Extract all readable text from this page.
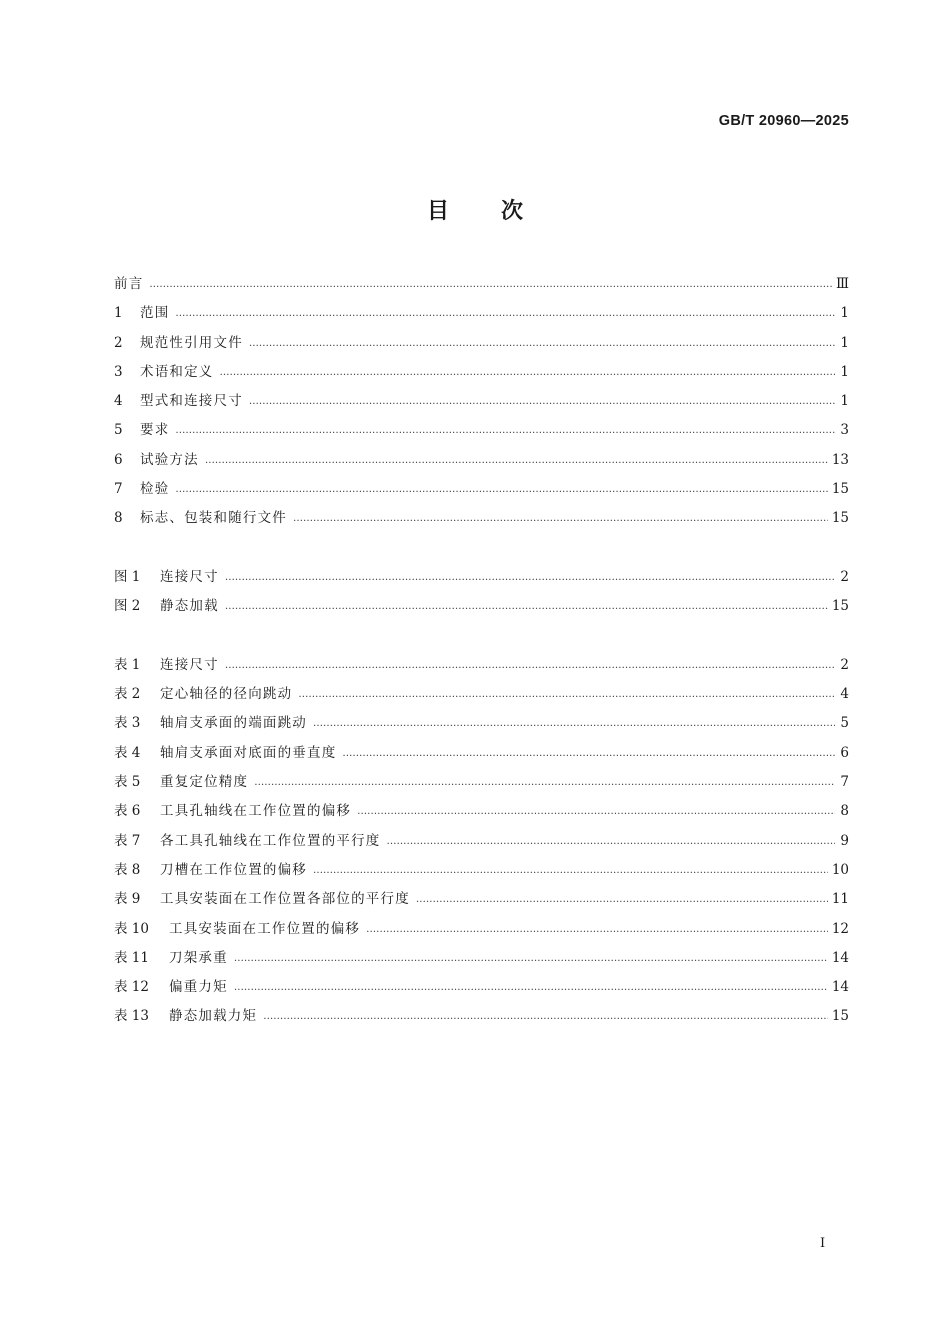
GB/T 20960—2025
目 次
前言 ……………………………………………………………………………………………………………………………………………………………………………………………………………………………………………………………………………………………………………………………………	Ⅲ
1	范围 ……………………………………………………………………………………………………………………………………………………………………………………………………………………………………………………………………………………………………………………………………	1
2	规范性引用文件 ……………………………………………………………………………………………………………………………………………………………………………………………………………………………………………………………………………………………………………………………………	1
3	术语和定义 ……………………………………………………………………………………………………………………………………………………………………………………………………………………………………………………………………………………………………………………………………	1
4	型式和连接尺寸 ……………………………………………………………………………………………………………………………………………………………………………………………………………………………………………………………………………………………………………………………………	1
5	要求 ……………………………………………………………………………………………………………………………………………………………………………………………………………………………………………………………………………………………………………………………………	3
6	试验方法 ……………………………………………………………………………………………………………………………………………………………………………………………………………………………………………………………………………………………………………………………………	13
7	检验 ……………………………………………………………………………………………………………………………………………………………………………………………………………………………………………………………………………………………………………………………………	15
8	标志、包装和随行文件 ……………………………………………………………………………………………………………………………………………………………………………………………………………………………………………………………………………………………………………………………………	15
图 1	连接尺寸 ……………………………………………………………………………………………………………………………………………………………………………………………………………………………………………………………………………………………………………………………………	2
图 2	静态加载 ……………………………………………………………………………………………………………………………………………………………………………………………………………………………………………………………………………………………………………………………………	15
表 1	连接尺寸 ……………………………………………………………………………………………………………………………………………………………………………………………………………………………………………………………………………………………………………………………………	2
表 2	定心轴径的径向跳动 ……………………………………………………………………………………………………………………………………………………………………………………………………………………………………………………………………………………………………………………………………	4
表 3	轴肩支承面的端面跳动 ……………………………………………………………………………………………………………………………………………………………………………………………………………………………………………………………………………………………………………………………………	5
表 4	轴肩支承面对底面的垂直度 ……………………………………………………………………………………………………………………………………………………………………………………………………………………………………………………………………………………………………………………………………	6
表 5	重复定位精度 ……………………………………………………………………………………………………………………………………………………………………………………………………………………………………………………………………………………………………………………………………	7
表 6	工具孔轴线在工作位置的偏移 ……………………………………………………………………………………………………………………………………………………………………………………………………………………………………………………………………………………………………………………………………	8
表 7	各工具孔轴线在工作位置的平行度 ……………………………………………………………………………………………………………………………………………………………………………………………………………………………………………………………………………………………………………………………………	9
表 8	刀槽在工作位置的偏移 ……………………………………………………………………………………………………………………………………………………………………………………………………………………………………………………………………………………………………………………………………	10
表 9	工具安装面在工作位置各部位的平行度 ……………………………………………………………………………………………………………………………………………………………………………………………………………………………………………………………………………………………………………………………………	11
表 10	工具安装面在工作位置的偏移 ……………………………………………………………………………………………………………………………………………………………………………………………………………………………………………………………………………………………………………………………………	12
表 11	刀架承重 ……………………………………………………………………………………………………………………………………………………………………………………………………………………………………………………………………………………………………………………………………	14
表 12	偏重力矩 ……………………………………………………………………………………………………………………………………………………………………………………………………………………………………………………………………………………………………………………………………	14
表 13	静态加载力矩 ……………………………………………………………………………………………………………………………………………………………………………………………………………………………………………………………………………………………………………………………………	15
I
